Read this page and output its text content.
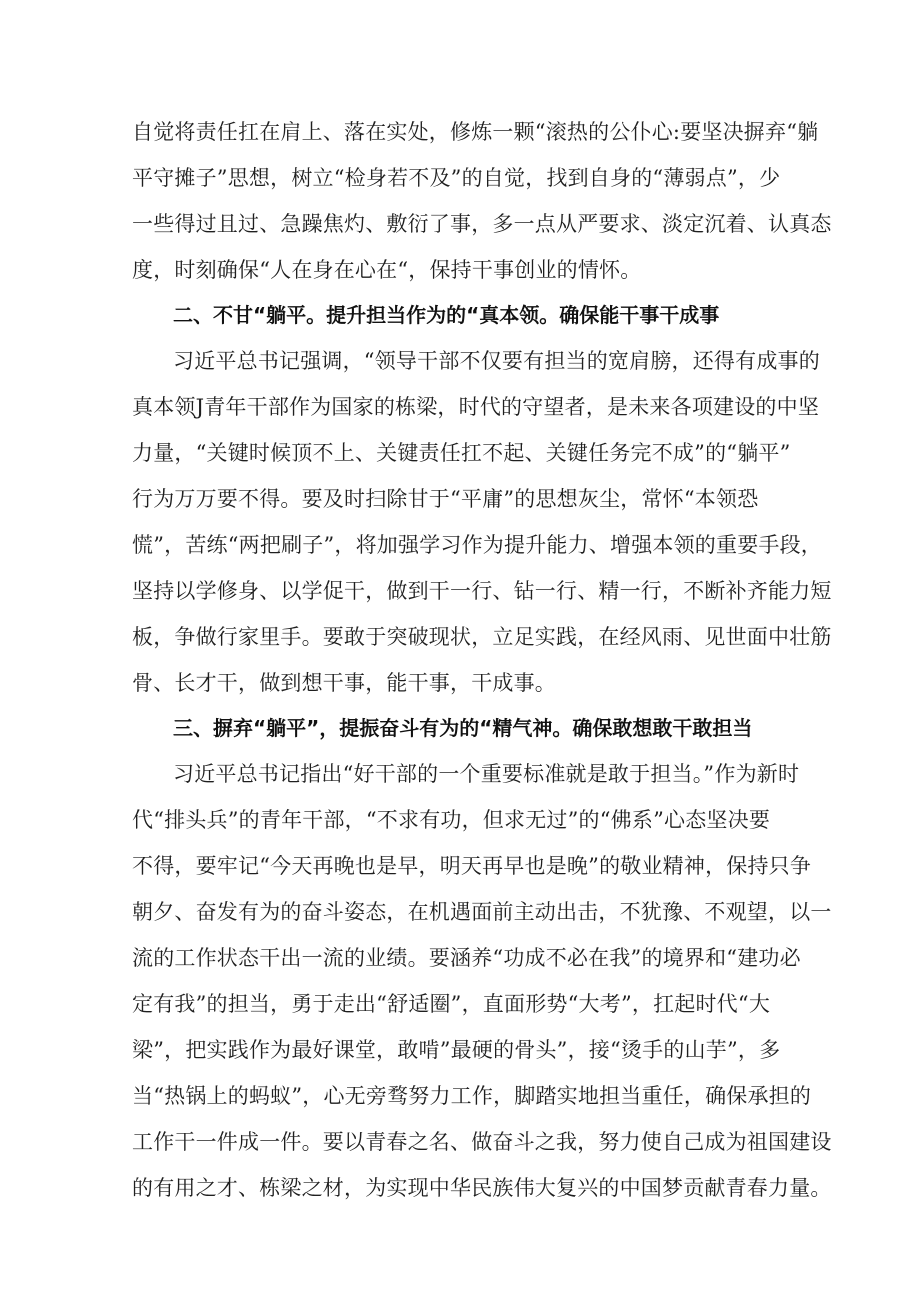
自觉将责任扛在肩上、落在实处，修炼一颗“滚热的公仆心:要坚决摒弃“躺
平守摊子”思想，树立“检身若不及”的自觉，找到自身的“薄弱点”，少
一些得过且过、急躁焦灼、敷衍了事，多一点从严要求、淡定沉着、认真态
度，时刻确保“人在身在心在“，保持干事创业的情怀。
二、不甘“躺平。提升担当作为的“真本领。确保能干事干成事
习近平总书记强调，“领导干部不仅要有担当的宽肩膀，还得有成事的
真本领J青年干部作为国家的栋梁，时代的守望者，是未来各项建设的中坚
力量，“关键时候顶不上、关键责任扛不起、关键任务完不成”的“躺平”
行为万万要不得。要及时扫除甘于“平庸”的思想灰尘，常怀“本领恐
慌”，苦练“两把刷子”，将加强学习作为提升能力、增强本领的重要手段，
坚持以学修身、以学促干，做到干一行、钻一行、精一行，不断补齐能力短
板，争做行家里手。要敢于突破现状，立足实践，在经风雨、见世面中壮筋
骨、长才干，做到想干事，能干事，干成事。
三、摒弃“躺平”，提振奋斗有为的“精气神。确保敢想敢干敢担当
习近平总书记指出“好干部的一个重要标准就是敢于担当。”作为新时
代“排头兵”的青年干部，“不求有功，但求无过”的“佛系”心态坚决要
不得，要牢记“今天再晚也是早，明天再早也是晚”的敬业精神，保持只争
朝夕、奋发有为的奋斗姿态，在机遇面前主动出击，不犹豫、不观望，以一
流的工作状态干出一流的业绩。要涵养“功成不必在我”的境界和“建功必
定有我”的担当，勇于走出“舒适圈”，直面形势“大考”，扛起时代“大
梁”，把实践作为最好课堂，敢啃”最硬的骨头”，接“烫手的山芋”，多
当“热锅上的蚂蚁”，心无旁骛努力工作，脚踏实地担当重任，确保承担的
工作干一件成一件。要以青春之名、做奋斗之我，努力使自己成为祖国建设
的有用之才、栋梁之材，为实现中华民族伟大复兴的中国梦贡献青春力量。
